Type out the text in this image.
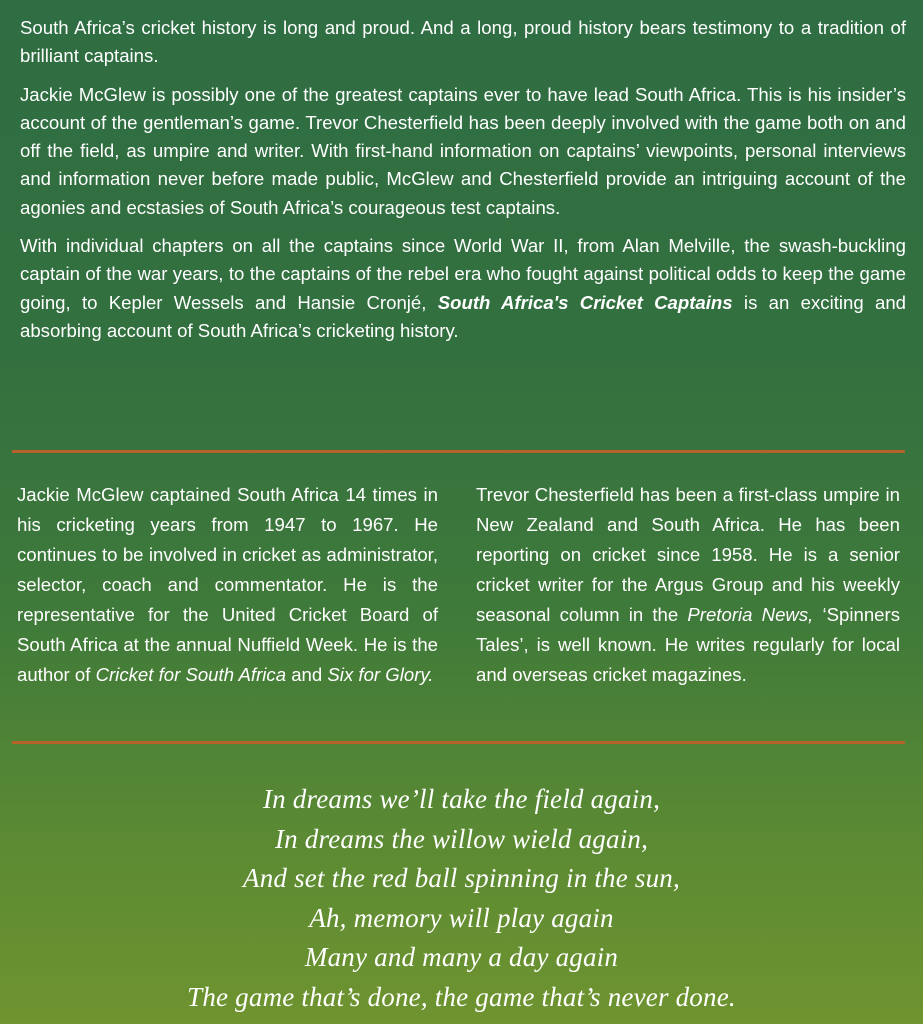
South Africa’s cricket history is long and proud. And a long, proud history bears testimony to a tradition of brilliant captains.

Jackie McGlew is possibly one of the greatest captains ever to have lead South Africa. This is his insider’s account of the gentleman’s game. Trevor Chesterfield has been deeply involved with the game both on and off the field, as umpire and writer. With first-hand information on captains’ viewpoints, personal interviews and information never before made public, McGlew and Chesterfield provide an intriguing account of the agonies and ecstasies of South Africa’s courageous test captains.

With individual chapters on all the captains since World War II, from Alan Melville, the swash-buckling captain of the war years, to the captains of the rebel era who fought against political odds to keep the game going, to Kepler Wessels and Hansie Cronjé, South Africa's Cricket Captains is an exciting and absorbing account of South Africa’s cricketing history.

Jackie McGlew captained South Africa 14 times in his cricketing years from 1947 to 1967. He continues to be involved in cricket as administrator, selector, coach and commentator. He is the representative for the United Cricket Board of South Africa at the annual Nuffield Week. He is the author of Cricket for South Africa and Six for Glory.

Trevor Chesterfield has been a first-class umpire in New Zealand and South Africa. He has been reporting on cricket since 1958. He is a senior cricket writer for the Argus Group and his weekly seasonal column in the Pretoria News, ‘Spinners Tales’, is well known. He writes regularly for local and overseas cricket magazines.

In dreams we’ll take the field again,
In dreams the willow wield again,
And set the red ball spinning in the sun,
Ah, memory will play again
Many and many a day again
The game that’s done, the game that’s never done.
